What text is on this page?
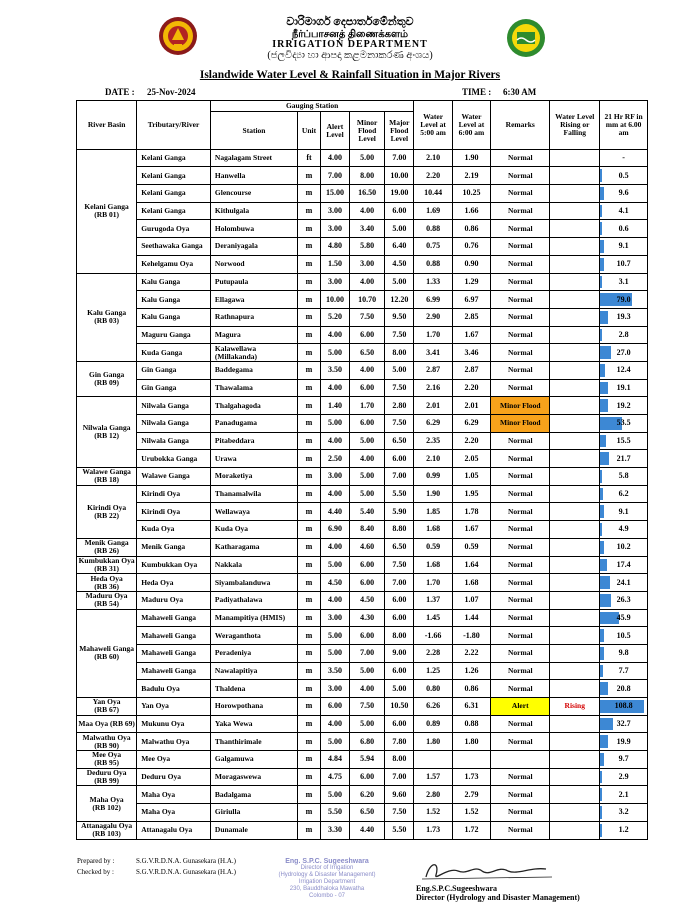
වාරිමාර්ග දෙපාර්තමේන්තුව
நீர்ப்பாசனத் திணைக்களம்
IRRIGATION DEPARTMENT
(ජලවිද්‍යා හා ආපදා කළමනාකරණ අංශය)
Islandwide Water Level & Rainfall Situation in Major Rivers
DATE : 25-Nov-2024	TIME : 6:30 AM
River Basin	Tributary/River	Gauging Station					Water Level at 5:00 am	Water Level at 6:00 am	Remarks	Water Level Rising or Falling	21 Hr RF in mm at 6.00 am
		Station	Unit	Alert Level	Minor Flood Level	Major Flood Level					
Kelani Ganga
(RB 01)	Kelani Ganga	Nagalagam Street	ft	4.00	5.00	7.00	2.10	1.90	Normal		-
	Kelani Ganga	Hanwella	m	7.00	8.00	10.00	2.20	2.19	Normal		0.5
	Kelani Ganga	Glencourse	m	15.00	16.50	19.00	10.44	10.25	Normal		9.6
	Kelani Ganga	Kithulgala	m	3.00	4.00	6.00	1.69	1.66	Normal		4.1
	Gurugoda Oya	Holombuwa	m	3.00	3.40	5.00	0.88	0.86	Normal		0.6
	Seethawaka Ganga	Deraniyagala	m	4.80	5.80	6.40	0.75	0.76	Normal		9.1
	Kehelgamu Oya	Norwood	m	1.50	3.00	4.50	0.88	0.90	Normal		10.7
Kalu Ganga
(RB 03)	Kalu Ganga	Putupaula	m	3.00	4.00	5.00	1.33	1.29	Normal		3.1
	Kalu Ganga	Ellagawa	m	10.00	10.70	12.20	6.99	6.97	Normal		79.0
	Kalu Ganga	Rathnapura	m	5.20	7.50	9.50	2.90	2.85	Normal		19.3
	Maguru Ganga	Magura	m	4.00	6.00	7.50	1.70	1.67	Normal		2.8
	Kuda Ganga	Kalawellawa
(Millakanda)	m	5.00	6.50	8.00	3.41	3.46	Normal		27.0
Gin Ganga
(RB 09)	Gin Ganga	Baddegama	m	3.50	4.00	5.00	2.87	2.87	Normal		12.4
	Gin Ganga	Thawalama	m	4.00	6.00	7.50	2.16	2.20	Normal		19.1
Nilwala Ganga
(RB 12)	Nilwala Ganga	Thalgahagoda	m	1.40	1.70	2.80	2.01	2.01	Minor Flood		19.2
	Nilwala Ganga	Panadugama	m	5.00	6.00	7.50	6.29	6.29	Minor Flood		53.5
	Nilwala Ganga	Pitabeddara	m	4.00	5.00	6.50	2.35	2.20	Normal		15.5
	Urubokka Ganga	Urawa	m	2.50	4.00	6.00	2.10	2.05	Normal		21.7
Walawe Ganga
(RB 18)	Walawe Ganga	Moraketiya	m	3.00	5.00	7.00	0.99	1.05	Normal		5.8
Kirindi Oya
(RB 22)	Kirindi Oya	Thanamalwila	m	4.00	5.00	5.50	1.90	1.95	Normal		6.2
	Kirindi Oya	Wellawaya	m	4.40	5.40	5.90	1.85	1.78	Normal		9.1
	Kuda Oya	Kuda Oya	m	6.90	8.40	8.80	1.68	1.67	Normal		4.9
Menik Ganga
(RB 26)	Menik Ganga	Katharagama	m	4.00	4.60	6.50	0.59	0.59	Normal		10.2
Kumbukkan Oya
(RB 31)	Kumbukkan Oya	Nakkala	m	5.00	6.00	7.50	1.68	1.64	Normal		17.4
Heda Oya
(RB 36)	Heda Oya	Siyambalanduwa	m	4.50	6.00	7.00	1.70	1.68	Normal		24.1
Maduru Oya
(RB 54)	Maduru Oya	Padiyathalawa	m	4.00	4.50	6.00	1.37	1.07	Normal		26.3
Mahaweli Ganga
(RB 60)	Mahaweli Ganga	Manampitiya (HMIS)	m	3.00	4.30	6.00	1.45	1.44	Normal		45.9
	Mahaweli Ganga	Weraganthota	m	5.00	6.00	8.00	-1.66	-1.80	Normal		10.5
	Mahaweli Ganga	Peradeniya	m	5.00	7.00	9.00	2.28	2.22	Normal		9.8
	Mahaweli Ganga	Nawalapitiya	m	3.50	5.00	6.00	1.25	1.26	Normal		7.7
	Badulu Oya	Thaldena	m	3.00	4.00	5.00	0.80	0.86	Normal		20.8
Yan Oya
(RB 67)	Yan Oya	Horowpothana	m	6.00	7.50	10.50	6.26	6.31	Alert	Rising	108.8
Maa Oya (RB 69)	Mukunu Oya	Yaka Wewa	m	4.00	5.00	6.00	0.89	0.88	Normal		32.7
Malwathu Oya
(RB 90)	Malwathu Oya	Thanthirimale	m	5.00	6.80	7.80	1.80	1.80	Normal		19.9
Mee Oya
(RB 95)	Mee Oya	Galgamuwa	m	4.84	5.94	8.00					9.7
Deduru Oya
(RB 99)	Deduru Oya	Moragaswewa	m	4.75	6.00	7.00	1.57	1.73	Normal		2.9
Maha Oya
(RB 102)	Maha Oya	Badalgama	m	5.00	6.20	9.60	2.80	2.79	Normal		2.1
	Maha Oya	Giriulla	m	5.50	6.50	7.50	1.52	1.52	Normal		3.2
Attanagalu Oya
(RB 103)	Attanagalu Oya	Dunamale	m	3.30	4.40	5.50	1.73	1.72	Normal		1.2
Prepared by :	S.G.V.R.D.N.A. Gunasekara (H.A.)
Checked by :	S.G.V.R.D.N.A. Gunasekara (H.A.)
Eng. S.P.C. Sugeeshwara
Director of Irrigation
(Hydrology & Disaster Management)
Irrigation Department
230, Bauddhaloka Mawatha
Colombo - 07
Eng.S.P.C.Sugeeshwara
Director (Hydrology and Disaster Management)
